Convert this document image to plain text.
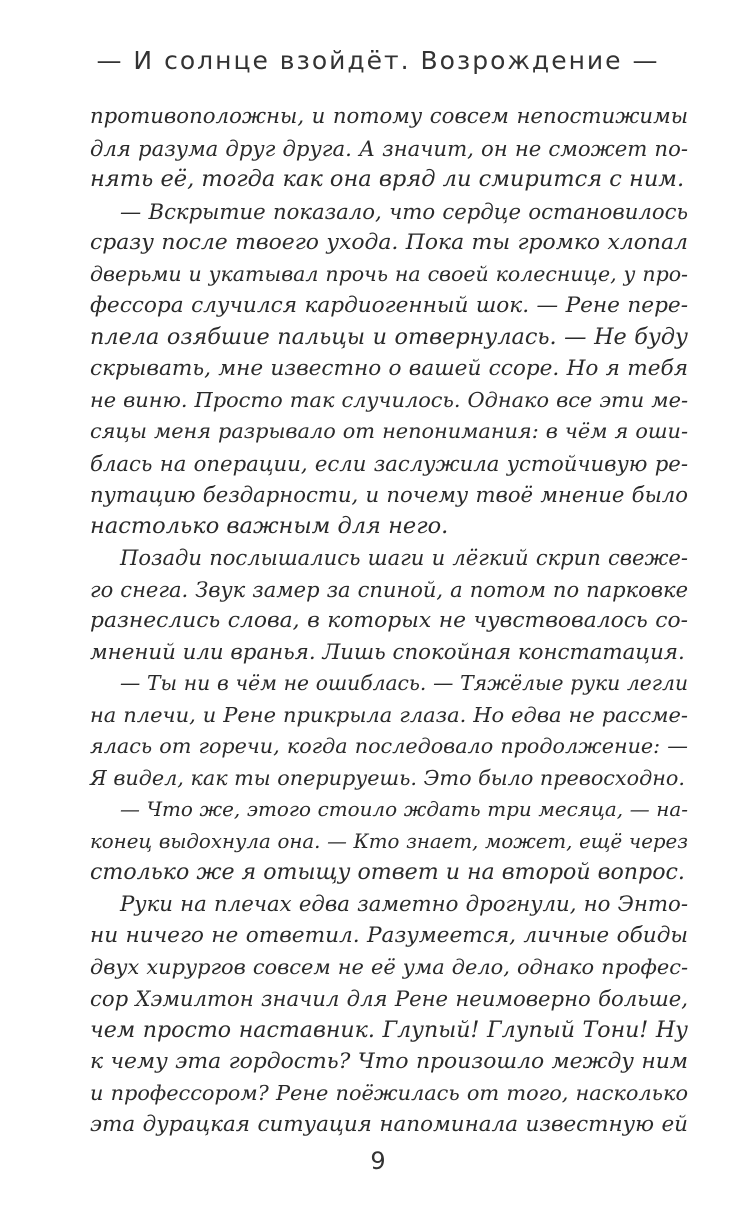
— И солнце взойдёт. Возрождение —
противоположны, и потому совсем непостижимы
для разума друг друга. А значит, он не сможет по-
нять её, тогда как она вряд ли смирится с ним.
— Вскрытие показало, что сердце остановилось
сразу после твоего ухода. Пока ты громко хлопал
дверьми и укатывал прочь на своей колеснице, у про-
фессора случился кардиогенный шок. — Рене пере-
плела озябшие пальцы и отвернулась. — Не буду
скрывать, мне известно о вашей ссоре. Но я тебя
не виню. Просто так случилось. Однако все эти ме-
сяцы меня разрывало от непонимания: в чём я оши-
блась на операции, если заслужила устойчивую ре-
путацию бездарности, и почему твоё мнение было
настолько важным для него.
Позади послышались шаги и лёгкий скрип свеже-
го снега. Звук замер за спиной, а потом по парковке
разнеслись слова, в которых не чувствовалось со-
мнений или вранья. Лишь спокойная констатация.
— Ты ни в чём не ошиблась. — Тяжёлые руки легли
на плечи, и Рене прикрыла глаза. Но едва не рассме-
ялась от горечи, когда последовало продолжение: —
Я видел, как ты оперируешь. Это было превосходно.
— Что же, этого стоило ждать три месяца, — на-
конец выдохнула она. — Кто знает, может, ещё через
столько же я отыщу ответ и на второй вопрос.
Руки на плечах едва заметно дрогнули, но Энто-
ни ничего не ответил. Разумеется, личные обиды
двух хирургов совсем не её ума дело, однако профес-
сор Хэмилтон значил для Рене неимоверно больше,
чем просто наставник. Глупый! Глупый Тони! Ну
к чему эта гордость? Что произошло между ним
и профессором? Рене поёжилась от того, насколько
эта дурацкая ситуация напоминала известную ей
9
